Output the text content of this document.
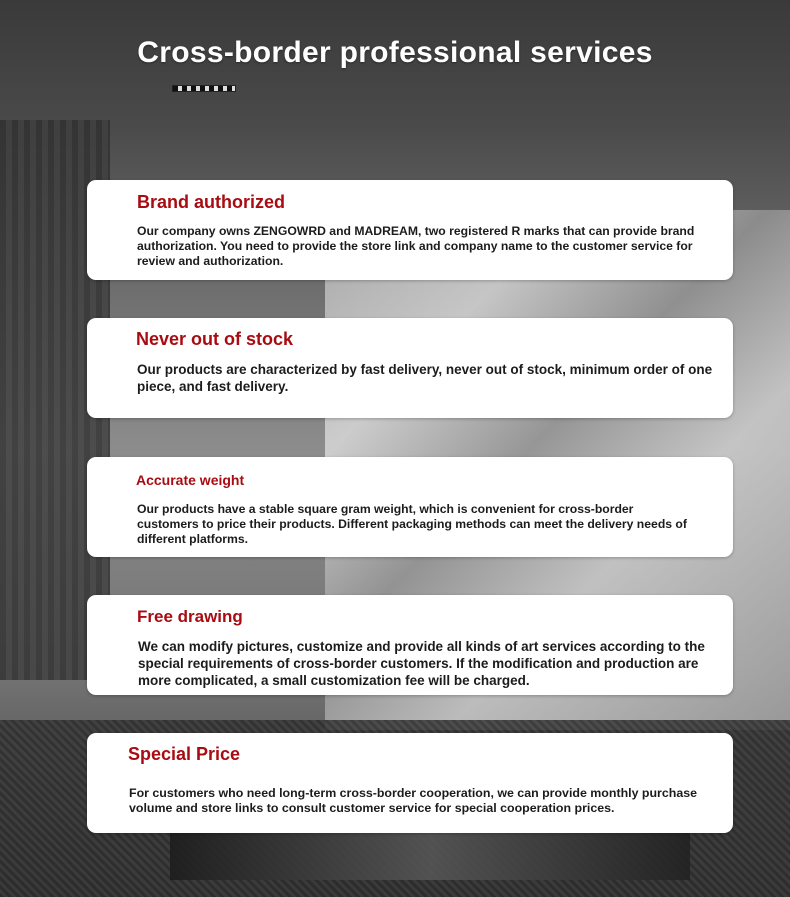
Cross-border professional services
Brand authorized
Our company owns ZENGOWRD and MADREAM, two registered R marks that can provide brand authorization. You need to provide the store link and company name to the customer service for review and authorization.
Never out of stock
Our products are characterized by fast delivery, never out of stock, minimum order of one piece, and fast delivery.
Accurate weight
Our products have a stable square gram weight, which is convenient for cross-border customers to price their products. Different packaging methods can meet the delivery needs of different platforms.
Free drawing
We can modify pictures, customize and provide all kinds of art services according to the special requirements of cross-border customers. If the modification and production are more complicated, a small customization fee will be charged.
Special Price
For customers who need long-term cross-border cooperation, we can provide monthly purchase volume and store links to consult customer service for special cooperation prices.
